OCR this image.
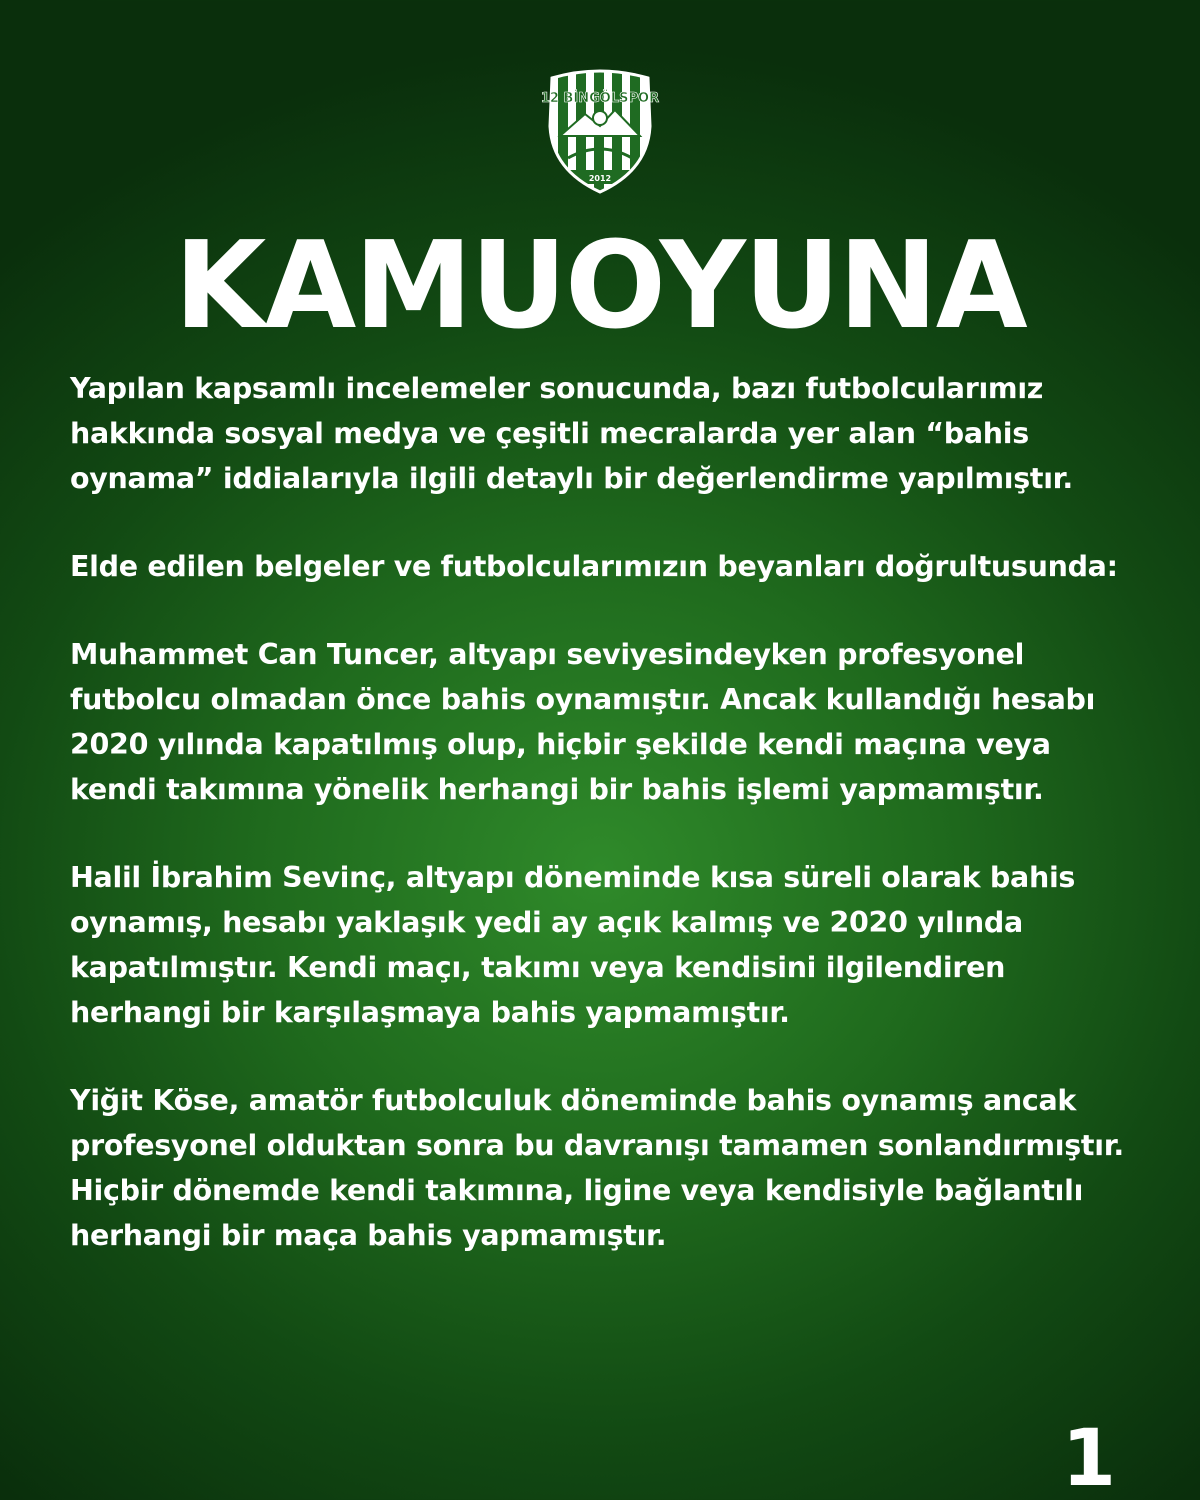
12 BİNGÖLSPOR
2012
KAMUOYUNA

Yapılan kapsamlı incelemeler sonucunda, bazı futbolcularımız hakkında sosyal medya ve çeşitli mecralarda yer alan “bahis oynama” iddialarıyla ilgili detaylı bir değerlendirme yapılmıştır.

Elde edilen belgeler ve futbolcularımızın beyanları doğrultusunda:

Muhammet Can Tuncer, altyapı seviyesindeyken profesyonel futbolcu olmadan önce bahis oynamıştır. Ancak kullandığı hesabı 2020 yılında kapatılmış olup, hiçbir şekilde kendi maçına veya kendi takımına yönelik herhangi bir bahis işlemi yapmamıştır.

Halil İbrahim Sevinç, altyapı döneminde kısa süreli olarak bahis oynamış, hesabı yaklaşık yedi ay açık kalmış ve 2020 yılında kapatılmıştır. Kendi maçı, takımı veya kendisini ilgilendiren herhangi bir karşılaşmaya bahis yapmamıştır.

Yiğit Köse, amatör futbolculuk döneminde bahis oynamış ancak profesyonel olduktan sonra bu davranışı tamamen sonlandırmıştır. Hiçbir dönemde kendi takımına, ligine veya kendisiyle bağlantılı herhangi bir maça bahis yapmamıştır.

1
